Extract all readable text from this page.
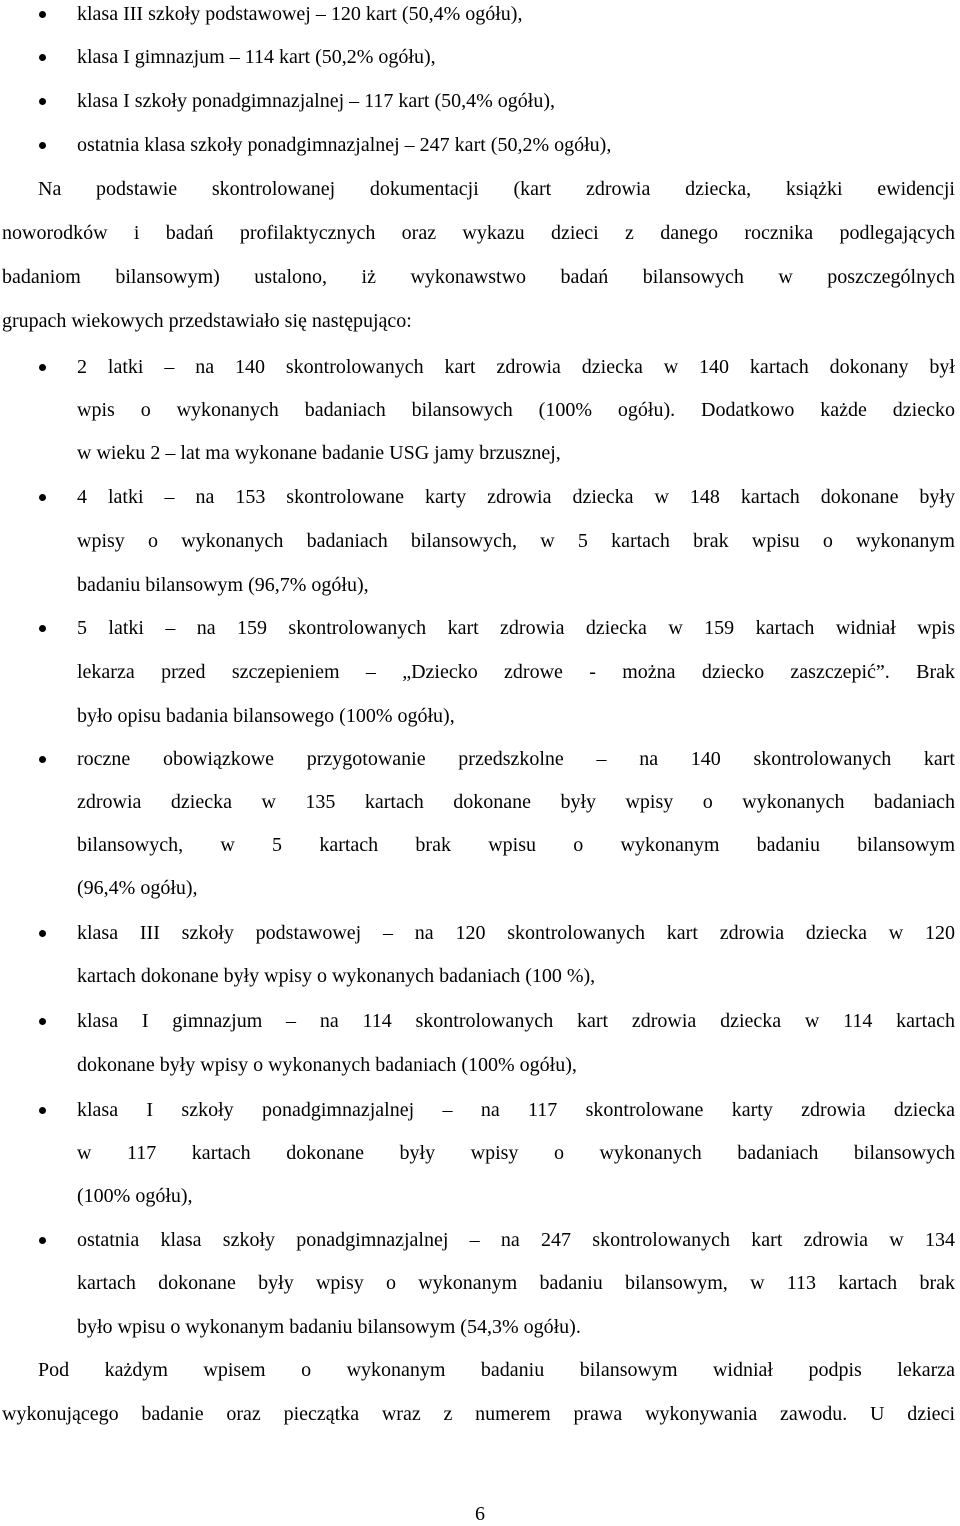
klasa III szkoły podstawowej – 120 kart (50,4% ogółu),
klasa I gimnazjum – 114 kart (50,2% ogółu),
klasa I szkoły ponadgimnazjalnej – 117 kart (50,4% ogółu),
ostatnia klasa szkoły ponadgimnazjalnej – 247 kart (50,2% ogółu),
Na podstawie skontrolowanej dokumentacji (kart zdrowia dziecka, książki ewidencji
noworodków i badań profilaktycznych oraz wykazu dzieci z danego rocznika podlegających
badaniom bilansowym) ustalono, iż wykonawstwo badań bilansowych w poszczególnych
grupach wiekowych przedstawiało się następująco:
2 latki – na 140 skontrolowanych kart zdrowia dziecka w 140 kartach dokonany był
wpis o wykonanych badaniach bilansowych (100% ogółu). Dodatkowo każde dziecko
w wieku 2 – lat ma wykonane badanie USG jamy brzusznej,
4 latki – na 153 skontrolowane karty zdrowia dziecka w 148 kartach dokonane były
wpisy o wykonanych badaniach bilansowych, w 5 kartach brak wpisu o wykonanym
badaniu bilansowym (96,7% ogółu),
5 latki – na 159 skontrolowanych kart zdrowia dziecka w 159 kartach widniał wpis
lekarza przed szczepieniem – „Dziecko zdrowe - można dziecko zaszczepić”. Brak
było opisu badania bilansowego (100% ogółu),
roczne obowiązkowe przygotowanie przedszkolne – na 140 skontrolowanych kart
zdrowia dziecka w 135 kartach dokonane były wpisy o wykonanych badaniach
bilansowych, w 5 kartach brak wpisu o wykonanym badaniu bilansowym
(96,4% ogółu),
klasa III szkoły podstawowej – na 120 skontrolowanych kart zdrowia dziecka w 120
kartach dokonane były wpisy o wykonanych badaniach (100 %),
klasa I gimnazjum – na 114 skontrolowanych kart zdrowia dziecka w 114 kartach
dokonane były wpisy o wykonanych badaniach (100% ogółu),
klasa I szkoły ponadgimnazjalnej – na 117 skontrolowane karty zdrowia dziecka
w 117 kartach dokonane były wpisy o wykonanych badaniach bilansowych
(100% ogółu),
ostatnia klasa szkoły ponadgimnazjalnej – na 247 skontrolowanych kart zdrowia w 134
kartach dokonane były wpisy o wykonanym badaniu bilansowym, w 113 kartach brak
było wpisu o wykonanym badaniu bilansowym (54,3% ogółu).
Pod każdym wpisem o wykonanym badaniu bilansowym widniał podpis lekarza
wykonującego badanie oraz pieczątka wraz z numerem prawa wykonywania zawodu. U dzieci
6
